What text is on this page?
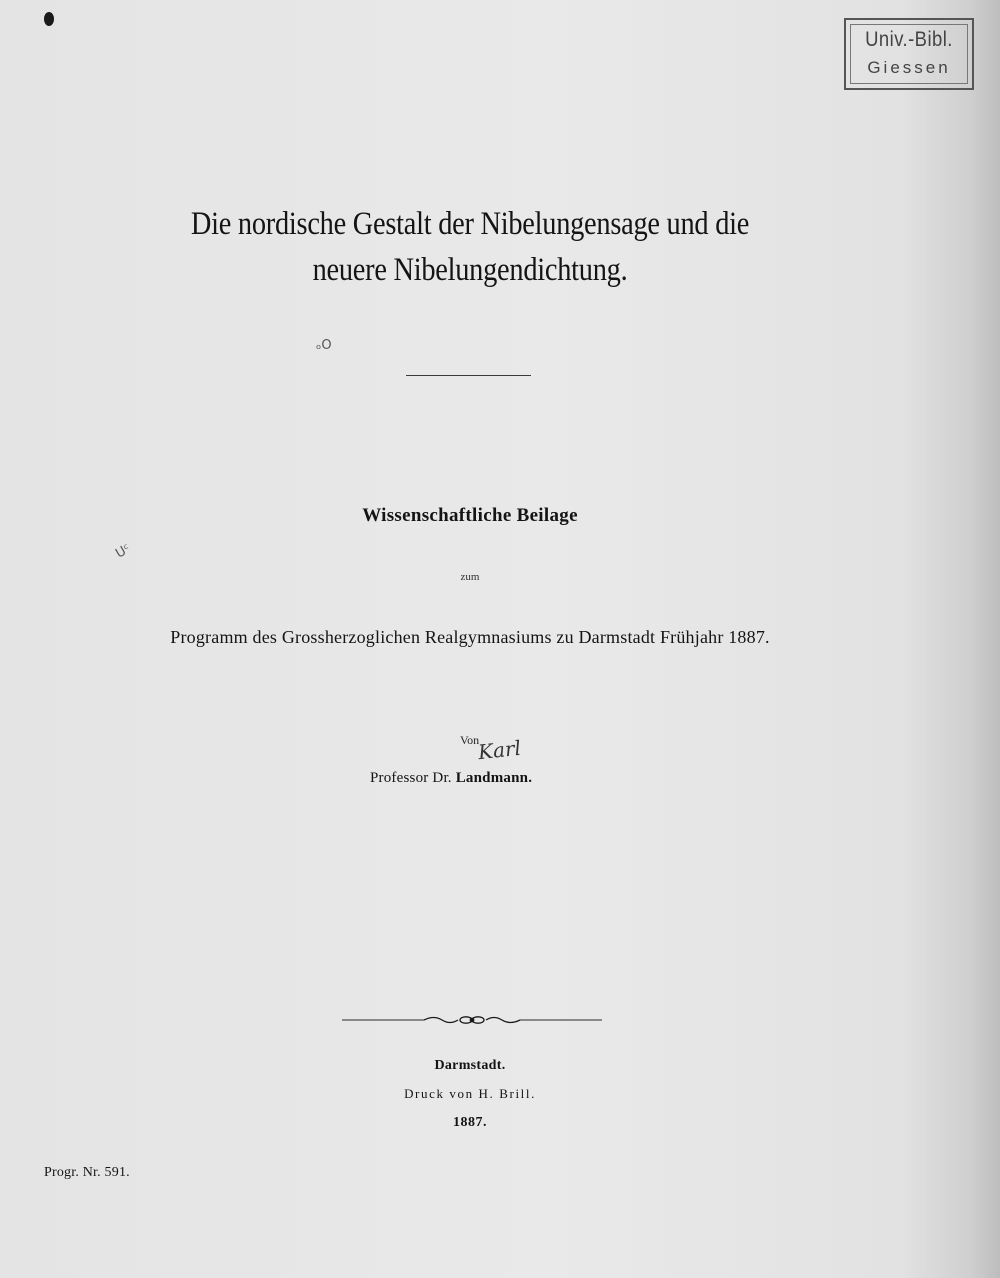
Univ.-Bibl.
Giessen
Die nordische Gestalt der Nibelungensage und die
neuere Nibelungendichtung.
ₒO
Wissenschaftliche Beilage
Uᶜ
zum
Programm des Grossherzoglichen Realgymnasiums zu Darmstadt Frühjahr 1887.
Von
Karl
Professor Dr. Landmann.
Darmstadt.
Druck von H. Brill.
1887.
Progr. Nr. 591.
